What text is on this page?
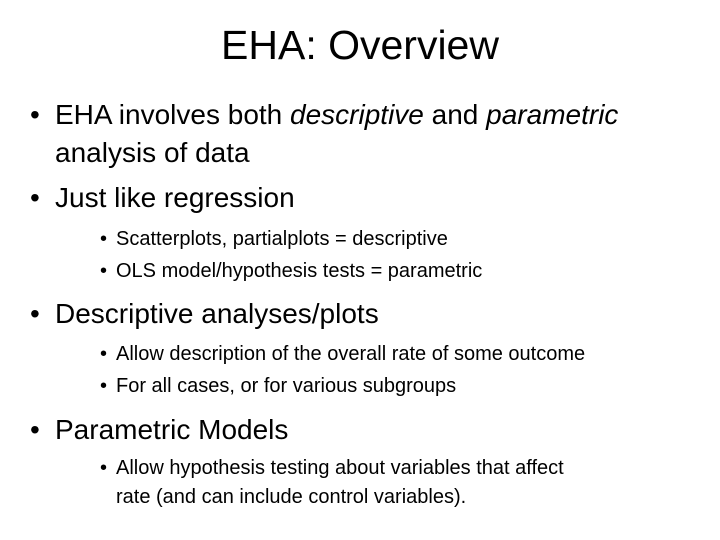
EHA: Overview
• EHA involves both descriptive and parametric
analysis of data
• Just like regression
• Scatterplots, partialplots = descriptive
• OLS model/hypothesis tests = parametric
• Descriptive analyses/plots
• Allow description of the overall rate of some outcome
• For all cases, or for various subgroups
• Parametric Models
• Allow hypothesis testing about variables that affect
rate (and can include control variables).
